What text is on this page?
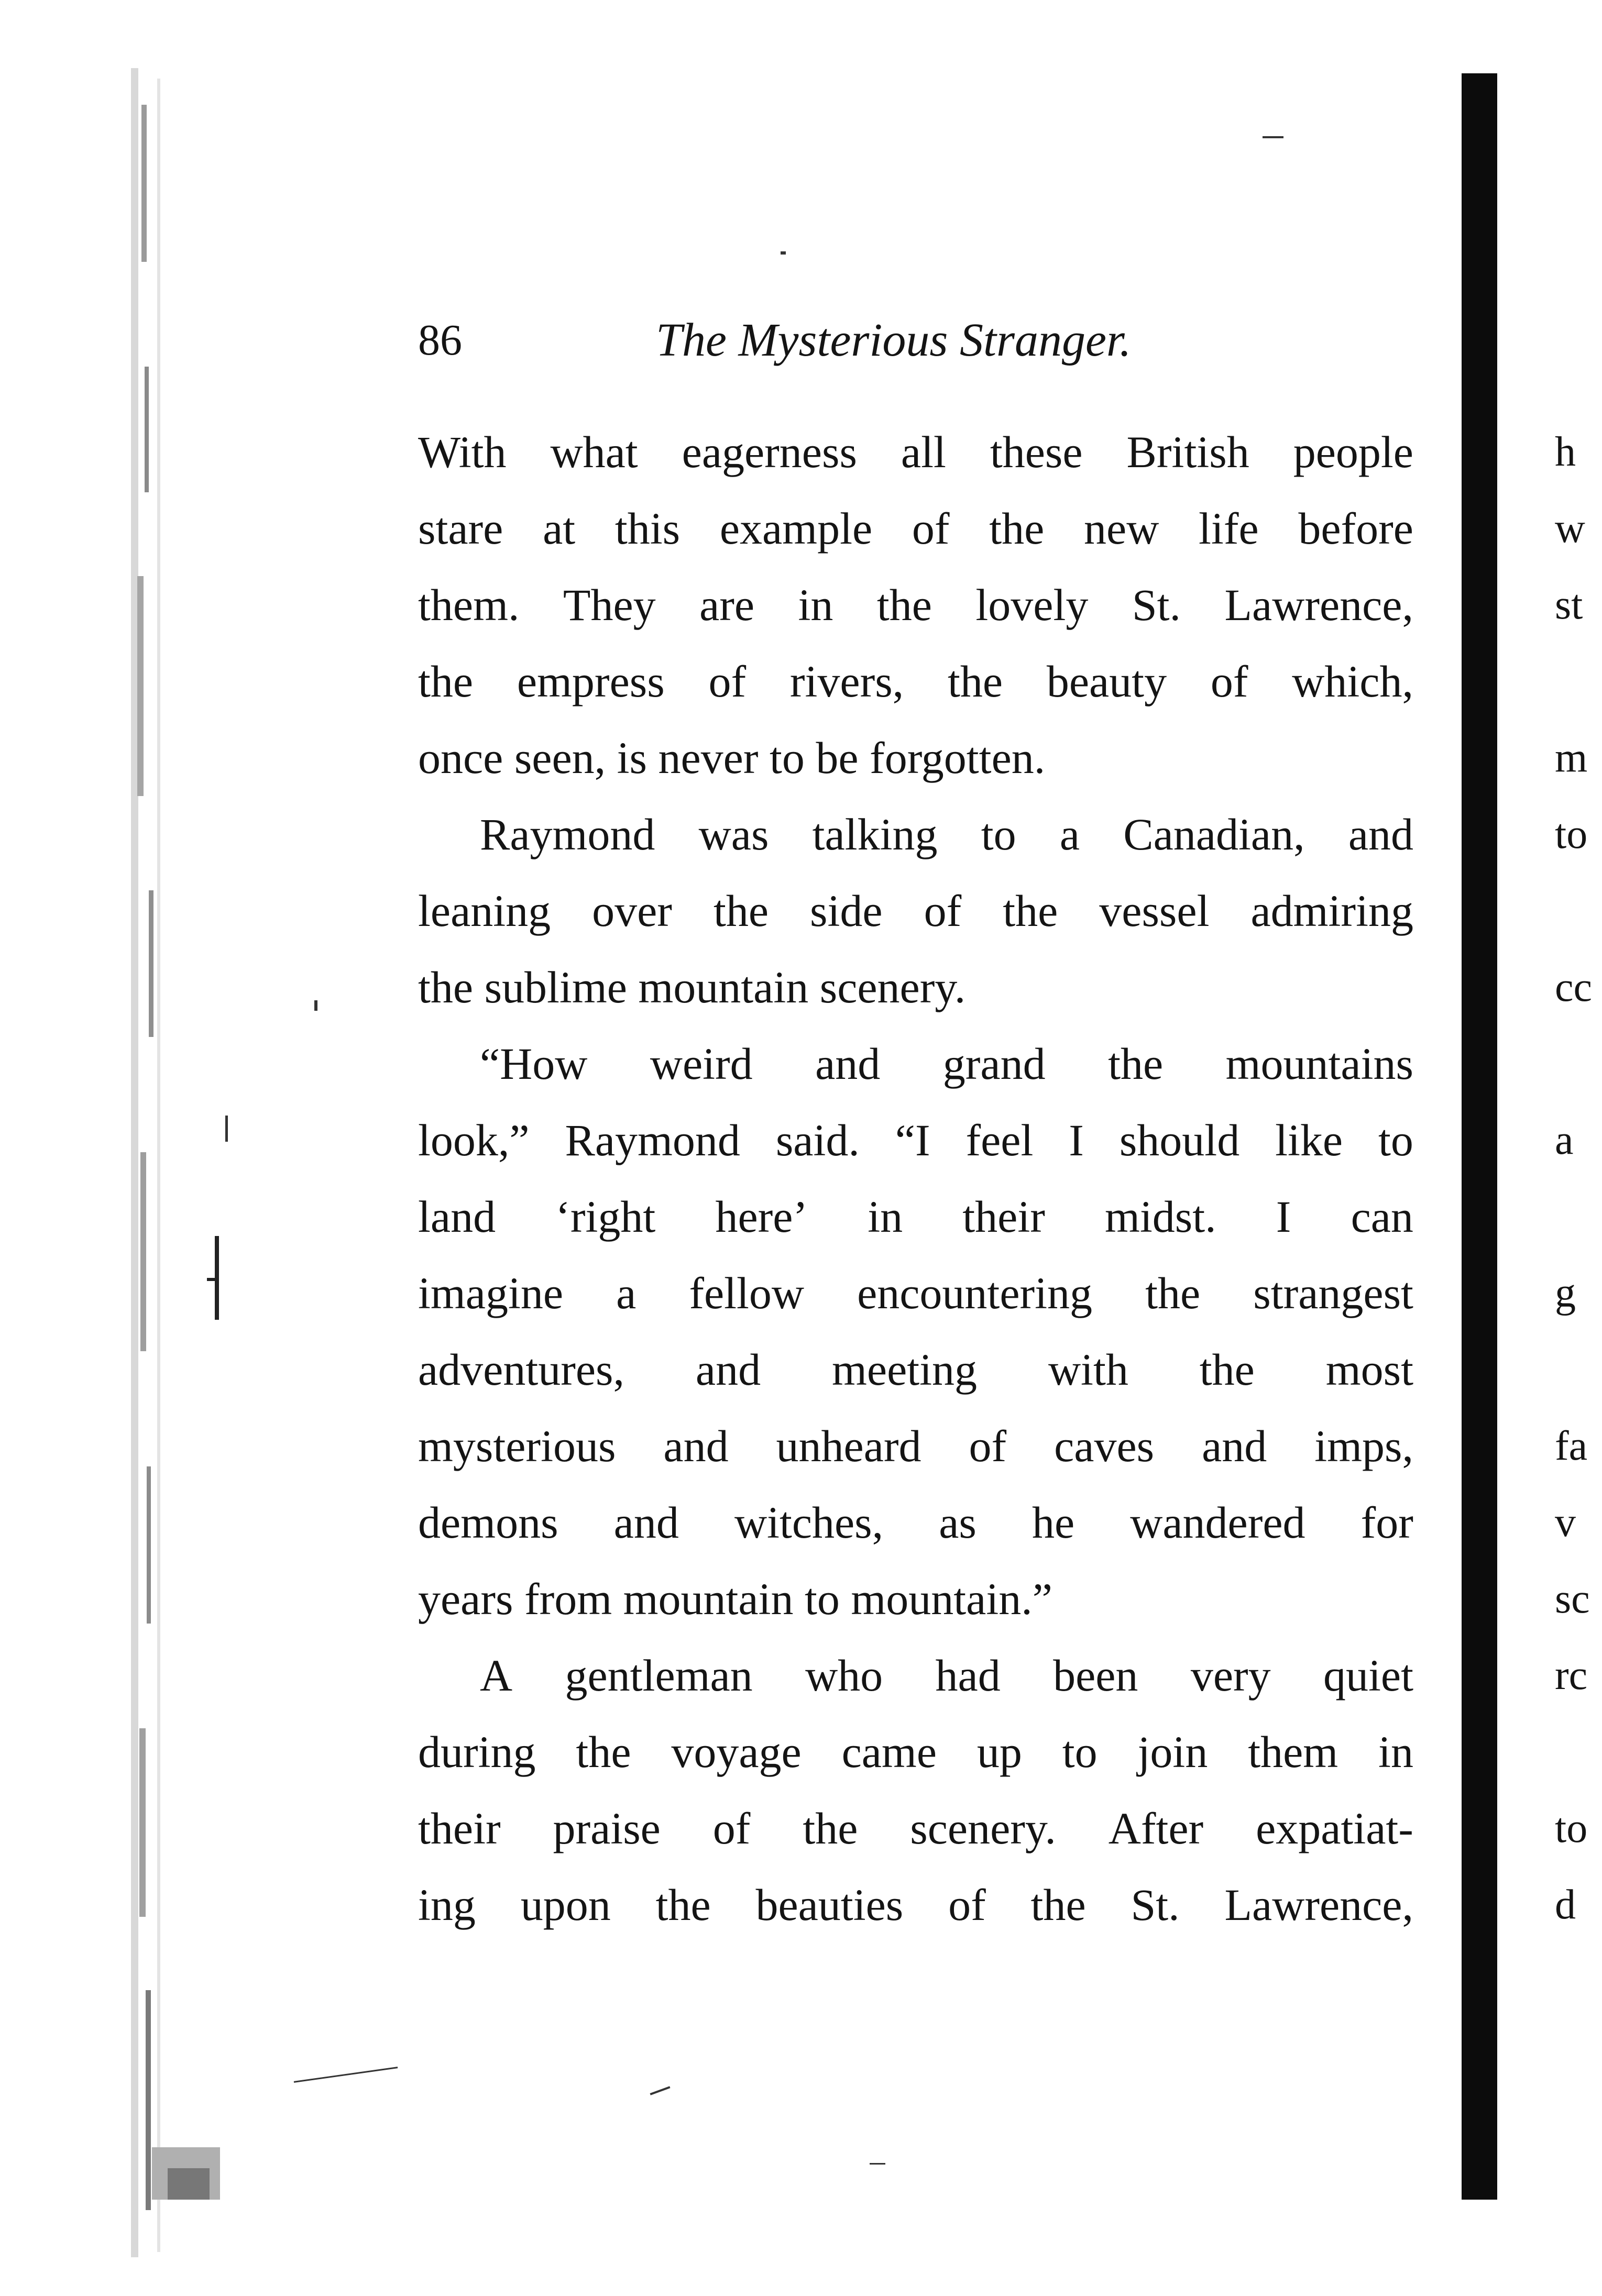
86	The Mysterious Stranger.
With what eagerness all these British people
stare at this example of the new life before
them. They are in the lovely St. Lawrence,
the empress of rivers, the beauty of which,
once seen, is never to be forgotten.
Raymond was talking to a Canadian, and
leaning over the side of the vessel admiring
the sublime mountain scenery.
“How weird and grand the mountains
look,” Raymond said. “I feel I should like to
land ‘right here’ in their midst. I can
imagine a fellow encountering the strangest
adventures, and meeting with the most
mysterious and unheard of caves and imps,
demons and witches, as he wandered for
years from mountain to mountain.”
A gentleman who had been very quiet
during the voyage came up to join them in
their praise of the scenery. After expatiat-
ing upon the beauties of the St. Lawrence,
h
w
st
m
to
cc
a
g
fa
v
sc
rc
to
d
